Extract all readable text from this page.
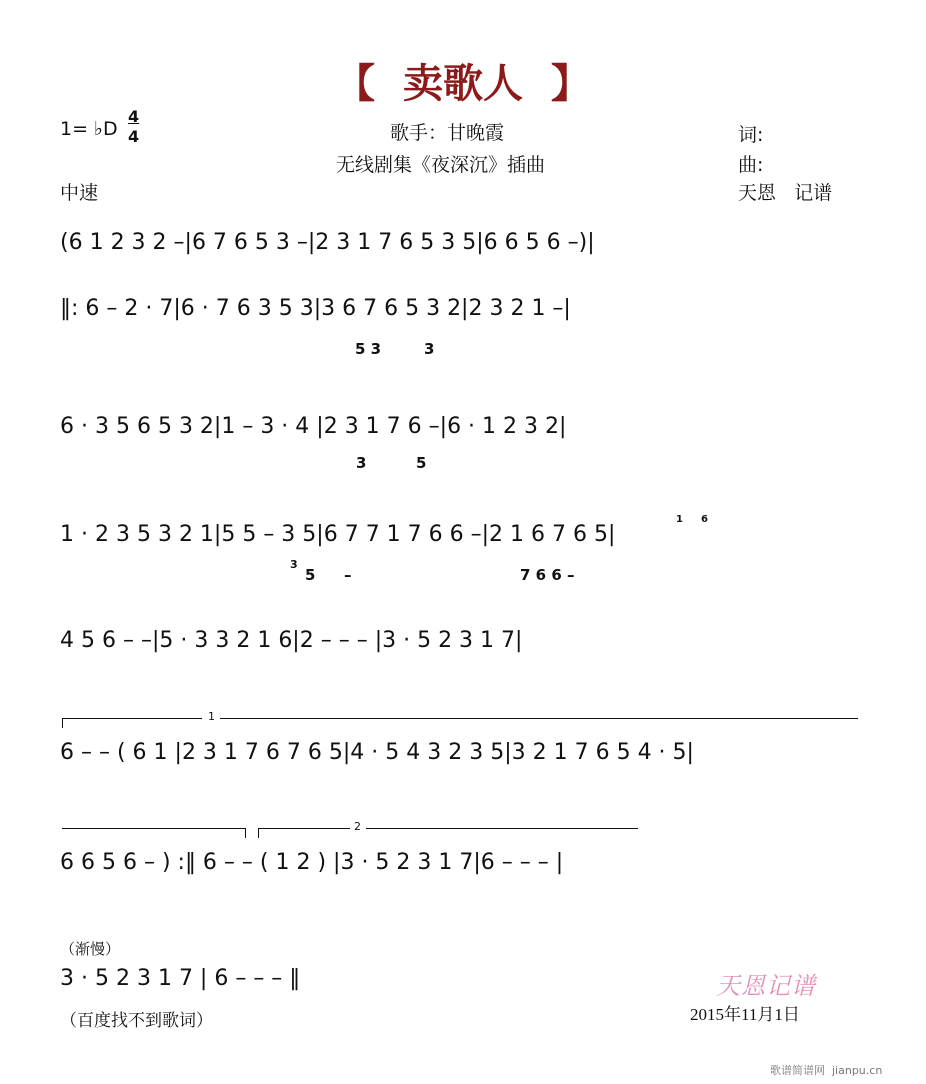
【  卖歌人  】
1= ♭D
4
4
中速
歌手：甘晚霞
无线剧集《夜深沉》插曲
词:
曲:
天恩   记谱
(6 1 2 3 2 –|6 7 6 5 3 –|2 3 1 7 6 5 3 5|6 6 5 6 –)|
‖: 6 – 2 · 7|6 · 7 6 3 5 3|3 6 7 6 5 3 2|2 3 2 1 –|
5 3	3
6 · 3 5 6 5 3 2|1 – 3 · 4 |2 3 1 7 6 –|6 · 1 2 3 2|
3	5
1 · 2 3 5 3 2 1|5 5 – 3 5|6 7 7 1 7 6 6 –|2 1 6 7 6 5|
3
5 –	7 6 6 –
1 6
4 5 6 – –|5 · 3 3 2 1 6|2 – – – |3 · 5 2 3 1 7|
1
6 – – ( 6 1 |2 3 1 7 6 7 6 5|4 · 5 4 3 2 3 5|3 2 1 7 6 5 4 · 5|
2
6 6 5 6 – ) :‖ 6 – – ( 1 2 ) |3 · 5 2 3 1 7|6 – – – |
（渐慢）
3 · 5 2 3 1 7 | 6 – – – ‖
（百度找不到歌词）
天恩记谱
2015年11月1日
歌谱简谱网  jianpu.cn
